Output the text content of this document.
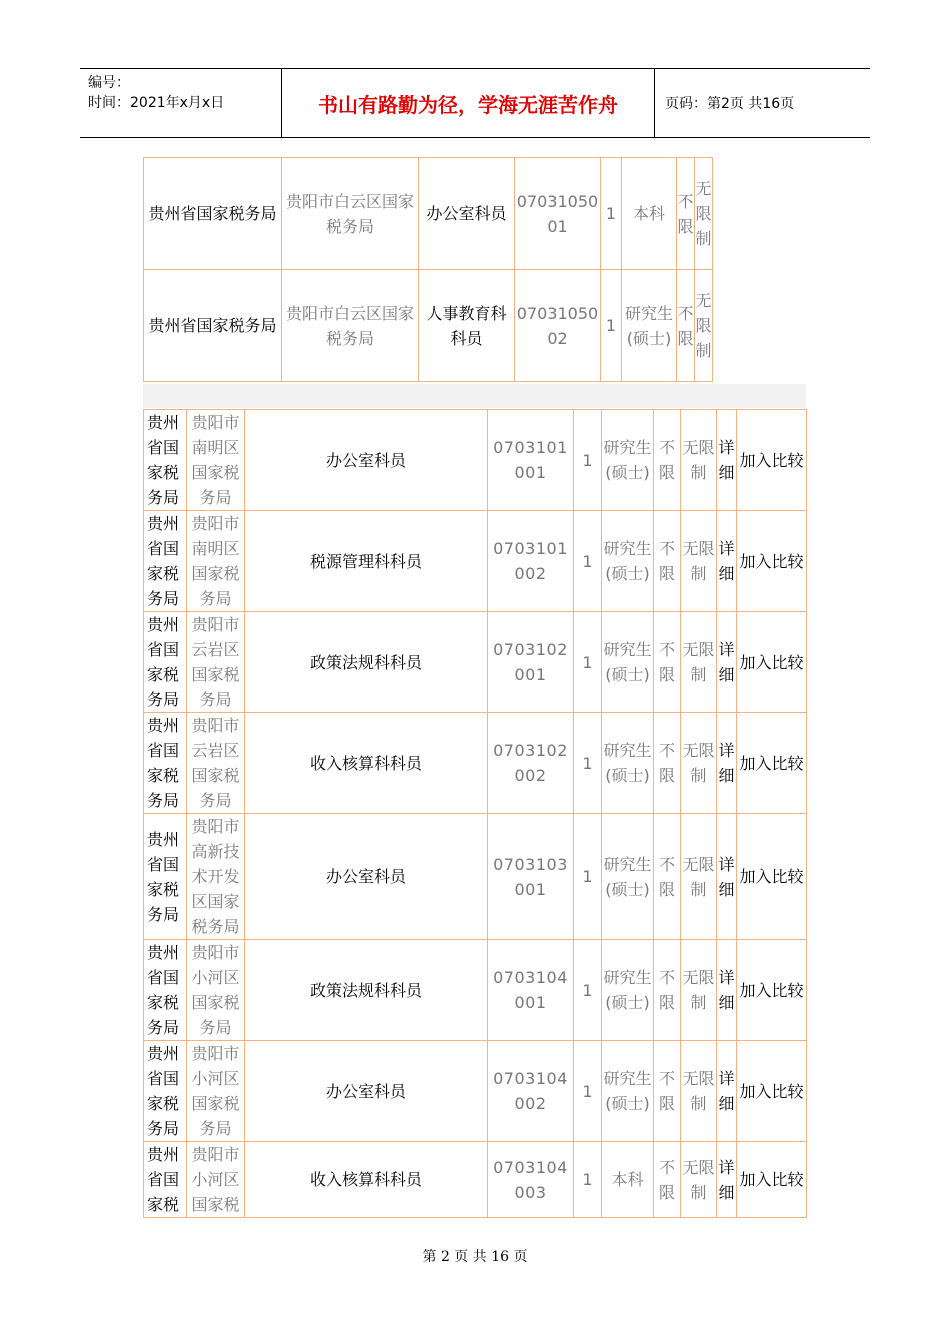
编号：
时间：2021年x月x日	书山有路勤为径，学海无涯苦作舟	页码：第2页 共16页
贵州省国家税务局	贵阳市白云区国家税务局	办公室科员	0703105001	1	本科	不限	无限制
贵州省国家税务局	贵阳市白云区国家税务局	人事教育科科员	0703105002	1	研究生(硕士)	不限	无限制
贵州省国家税务局	贵阳市南明区国家税务局	办公室科员	0703101001	1	研究生(硕士)	不限	无限制	详细	加入比较
贵州省国家税务局	贵阳市南明区国家税务局	税源管理科科员	0703101002	1	研究生(硕士)	不限	无限制	详细	加入比较
贵州省国家税务局	贵阳市云岩区国家税务局	政策法规科科员	0703102001	1	研究生(硕士)	不限	无限制	详细	加入比较
贵州省国家税务局	贵阳市云岩区国家税务局	收入核算科科员	0703102002	1	研究生(硕士)	不限	无限制	详细	加入比较
贵州省国家税务局	贵阳市高新技术开发区国家税务局	办公室科员	0703103001	1	研究生(硕士)	不限	无限制	详细	加入比较
贵州省国家税务局	贵阳市小河区国家税务局	政策法规科科员	0703104001	1	研究生(硕士)	不限	无限制	详细	加入比较
贵州省国家税务局	贵阳市小河区国家税务局	办公室科员	0703104002	1	研究生(硕士)	不限	无限制	详细	加入比较
贵州省国家税	贵阳市小河区国家税	收入核算科科员	0703104003	1	本科	不限	无限制	详细	加入比较
第 2 页 共 16 页
